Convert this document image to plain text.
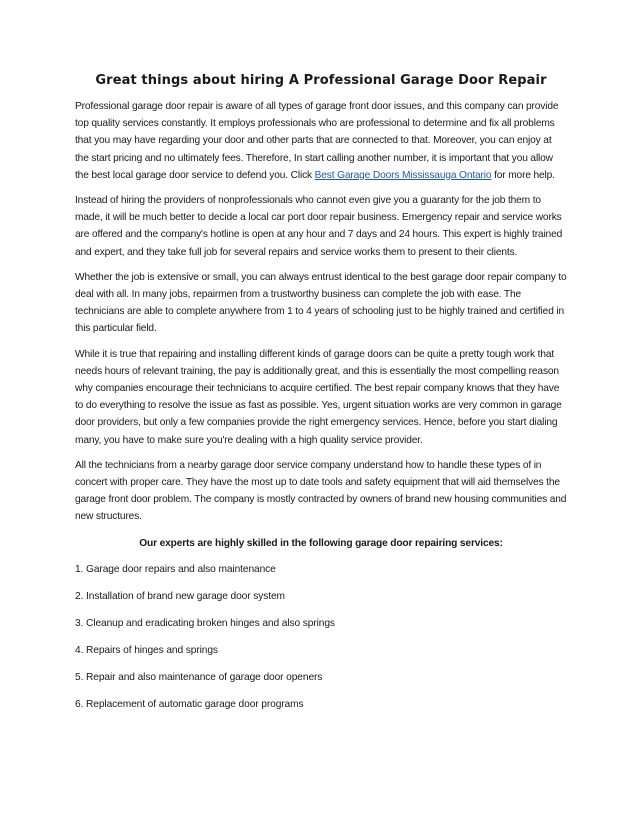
Great things about hiring A Professional Garage Door Repair

Professional garage door repair is aware of all types of garage front door issues, and this company can provide top quality services constantly. It employs professionals who are professional to determine and fix all problems that you may have regarding your door and other parts that are connected to that. Moreover, you can enjoy at the start pricing and no ultimately fees. Therefore, In start calling another number, it is important that you allow the best local garage door service to defend you. Click Best Garage Doors Mississauga Ontario for more help.

Instead of hiring the providers of nonprofessionals who cannot even give you a guaranty for the job them to made, it will be much better to decide a local car port door repair business. Emergency repair and service works are offered and the company's hotline is open at any hour and 7 days and 24 hours. This expert is highly trained and expert, and they take full job for several repairs and service works them to present to their clients.

Whether the job is extensive or small, you can always entrust identical to the best garage door repair company to deal with all. In many jobs, repairmen from a trustworthy business can complete the job with ease. The technicians are able to complete anywhere from 1 to 4 years of schooling just to be highly trained and certified in this particular field.

While it is true that repairing and installing different kinds of garage doors can be quite a pretty tough work that needs hours of relevant training, the pay is additionally great, and this is essentially the most compelling reason why companies encourage their technicians to acquire certified. The best repair company knows that they have to do everything to resolve the issue as fast as possible. Yes, urgent situation works are very common in garage door providers, but only a few companies provide the right emergency services. Hence, before you start dialing many, you have to make sure you're dealing with a high quality service provider.

All the technicians from a nearby garage door service company understand how to handle these types of in concert with proper care. They have the most up to date tools and safety equipment that will aid themselves the garage front door problem. The company is mostly contracted by owners of brand new housing communities and new structures.

Our experts are highly skilled in the following garage door repairing services:

1. Garage door repairs and also maintenance
2. Installation of brand new garage door system
3. Cleanup and eradicating broken hinges and also springs
4. Repairs of hinges and springs
5. Repair and also maintenance of garage door openers
6. Replacement of automatic garage door programs
